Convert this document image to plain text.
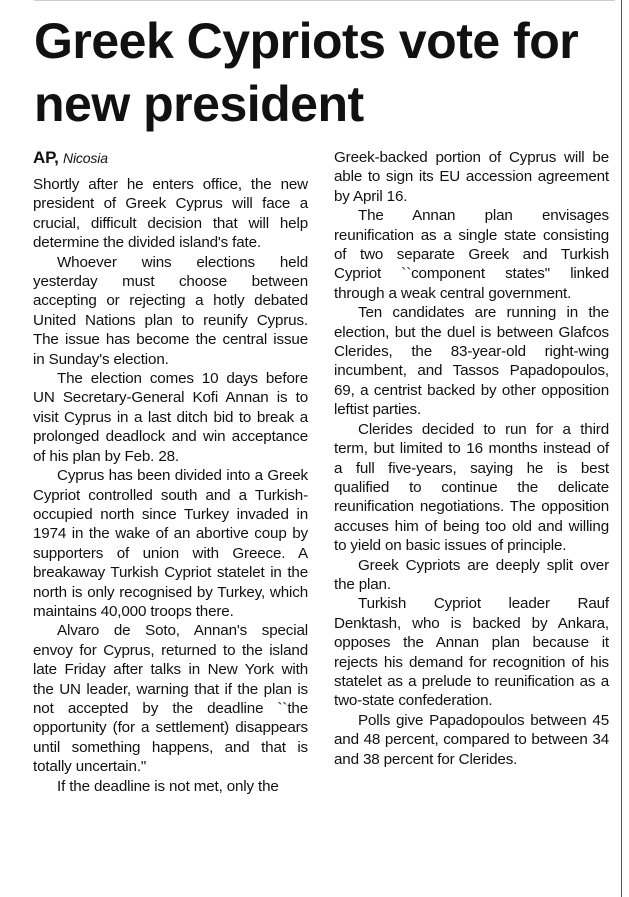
Greek Cypriots vote for new president
AP, Nicosia

Shortly after he enters office, the new president of Greek Cyprus will face a crucial, difficult decision that will help determine the divided island's fate.

Whoever wins elections held yesterday must choose between accepting or rejecting a hotly debated United Nations plan to reunify Cyprus. The issue has become the central issue in Sunday's election.

The election comes 10 days before UN Secretary-General Kofi Annan is to visit Cyprus in a last ditch bid to break a prolonged deadlock and win acceptance of his plan by Feb. 28.

Cyprus has been divided into a Greek Cypriot controlled south and a Turkish-occupied north since Turkey invaded in 1974 in the wake of an abortive coup by supporters of union with Greece. A breakaway Turkish Cypriot statelet in the north is only recognised by Turkey, which maintains 40,000 troops there.

Alvaro de Soto, Annan's special envoy for Cyprus, returned to the island late Friday after talks in New York with the UN leader, warning that if the plan is not accepted by the deadline ``the opportunity (for a settlement) disappears until something happens, and that is totally uncertain."

If the deadline is not met, only the

Greek-backed portion of Cyprus will be able to sign its EU accession agreement by April 16.

The Annan plan envisages reunification as a single state consisting of two separate Greek and Turkish Cypriot ``component states" linked through a weak central government.

Ten candidates are running in the election, but the duel is between Glafcos Clerides, the 83-year-old right-wing incumbent, and Tassos Papadopoulos, 69, a centrist backed by other opposition leftist parties.

Clerides decided to run for a third term, but limited to 16 months instead of a full five-years, saying he is best qualified to continue the delicate reunification negotiations. The opposition accuses him of being too old and willing to yield on basic issues of principle.

Greek Cypriots are deeply split over the plan.

Turkish Cypriot leader Rauf Denktash, who is backed by Ankara, opposes the Annan plan because it rejects his demand for recognition of his statelet as a prelude to reunification as a two-state confederation.

Polls give Papadopoulos between 45 and 48 percent, compared to between 34 and 38 percent for Clerides.
